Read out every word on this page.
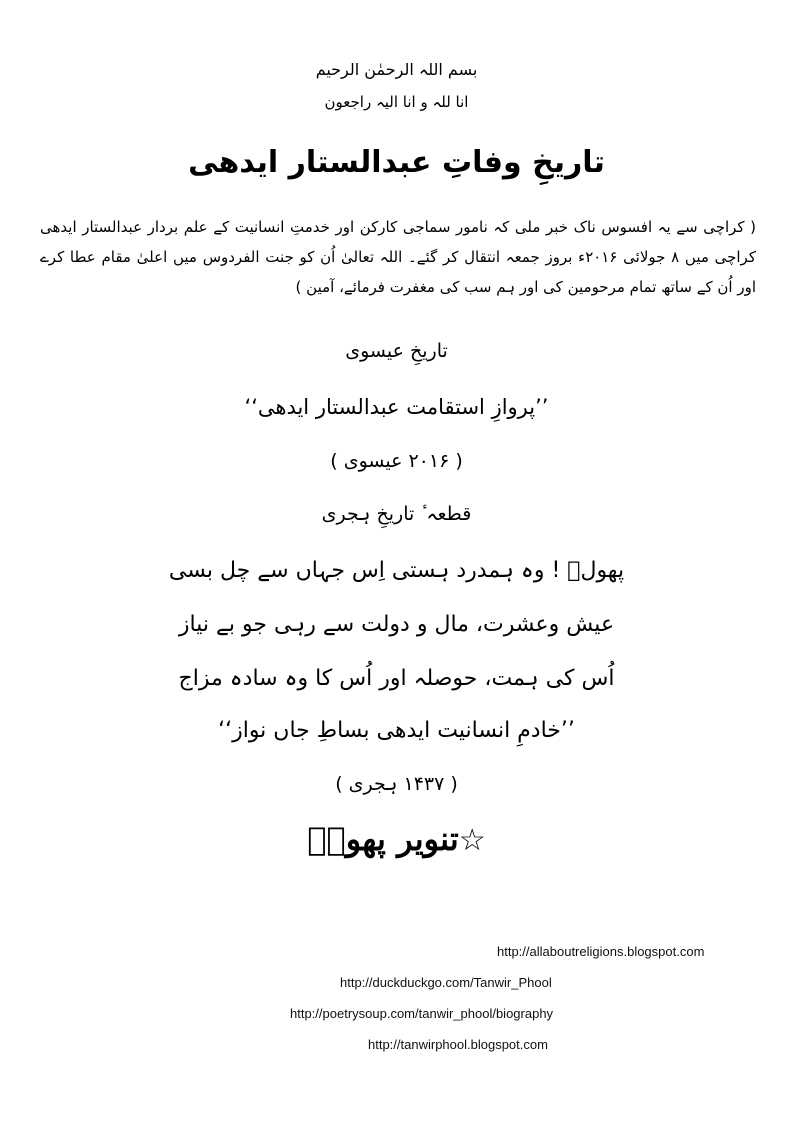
بسم اللہ الرحمٰن الرحیم
انا للہ و انا الیہ راجعون
تاریخِ وفاتِ عبدالستار ایدھی

( کراچی سے یہ افسوس ناک خبر ملی کہ نامور سماجی کارکن اور خدمتِ انسانیت کے علم بردار عبدالستار ایدھی کراچی میں ۸ جولائی ۲۰۱۶ء بروز جمعہ انتقال کر گئے۔ اللہ تعالیٰ اُن کو جنت الفردوس میں اعلیٰ مقام عطا کرے اور اُن کے ساتھ تمام مرحومین کی اور ہم سب کی مغفرت فرمائے، آمین )

تاریخِ عیسوی
’’پروازِ استقامت عبدالستار ایدھی‘‘
( ۲۰۱۶ عیسوی )
قطعہ ٔ تاریخِ ہجری
پھولؔ ! وہ ہمدرد ہستی اِس جہاں سے چل بسی
عیش وعشرت، مال و دولت سے رہی جو بے نیاز
اُس کی ہمت، حوصلہ اور اُس کا وہ سادہ مزاج
’’خادمِ انسانیت ایدھی بساطِ جاں نواز‘‘
( ۱۴۳۷ ہجری )
☆تنویر پھولؔ
http://allaboutreligions.blogspot.com
http://duckduckgo.com/Tanwir_Phool
http://poetrysoup.com/tanwir_phool/biography
http://tanwirphool.blogspot.com
